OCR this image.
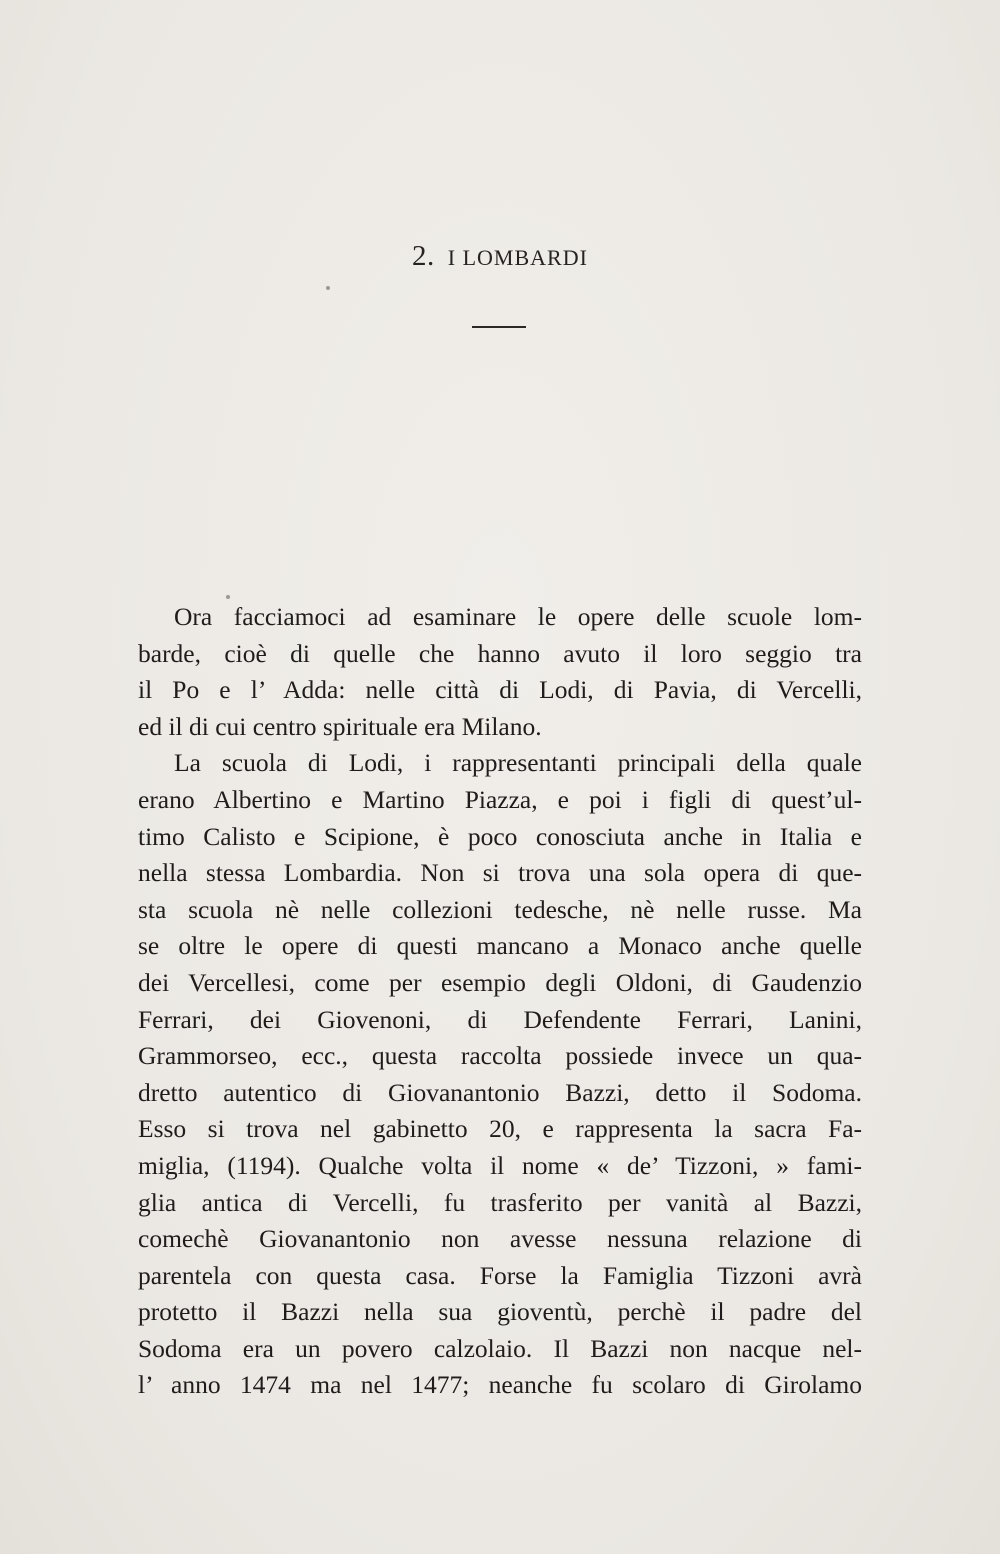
2. I LOMBARDI
Ora facciamoci ad esaminare le opere delle scuole lom-
barde, cioè di quelle che hanno avuto il loro seggio tra
il Po e l’ Adda: nelle città di Lodi, di Pavia, di Vercelli,
ed il di cui centro spirituale era Milano.
La scuola di Lodi, i rappresentanti principali della quale
erano Albertino e Martino Piazza, e poi i figli di quest’ul-
timo Calisto e Scipione, è poco conosciuta anche in Italia e
nella stessa Lombardia. Non si trova una sola opera di que-
sta scuola nè nelle collezioni tedesche, nè nelle russe. Ma
se oltre le opere di questi mancano a Monaco anche quelle
dei Vercellesi, come per esempio degli Oldoni, di Gaudenzio
Ferrari, dei Giovenoni, di Defendente Ferrari, Lanini,
Grammorseo, ecc., questa raccolta possiede invece un qua-
dretto autentico di Giovanantonio Bazzi, detto il Sodoma.
Esso si trova nel gabinetto 20, e rappresenta la sacra Fa-
miglia, (1194). Qualche volta il nome « de’ Tizzoni, » fami-
glia antica di Vercelli, fu trasferito per vanità al Bazzi,
comechè Giovanantonio non avesse nessuna relazione di
parentela con questa casa. Forse la Famiglia Tizzoni avrà
protetto il Bazzi nella sua gioventù, perchè il padre del
Sodoma era un povero calzolaio. Il Bazzi non nacque nel-
l’ anno 1474 ma nel 1477; neanche fu scolaro di Girolamo
